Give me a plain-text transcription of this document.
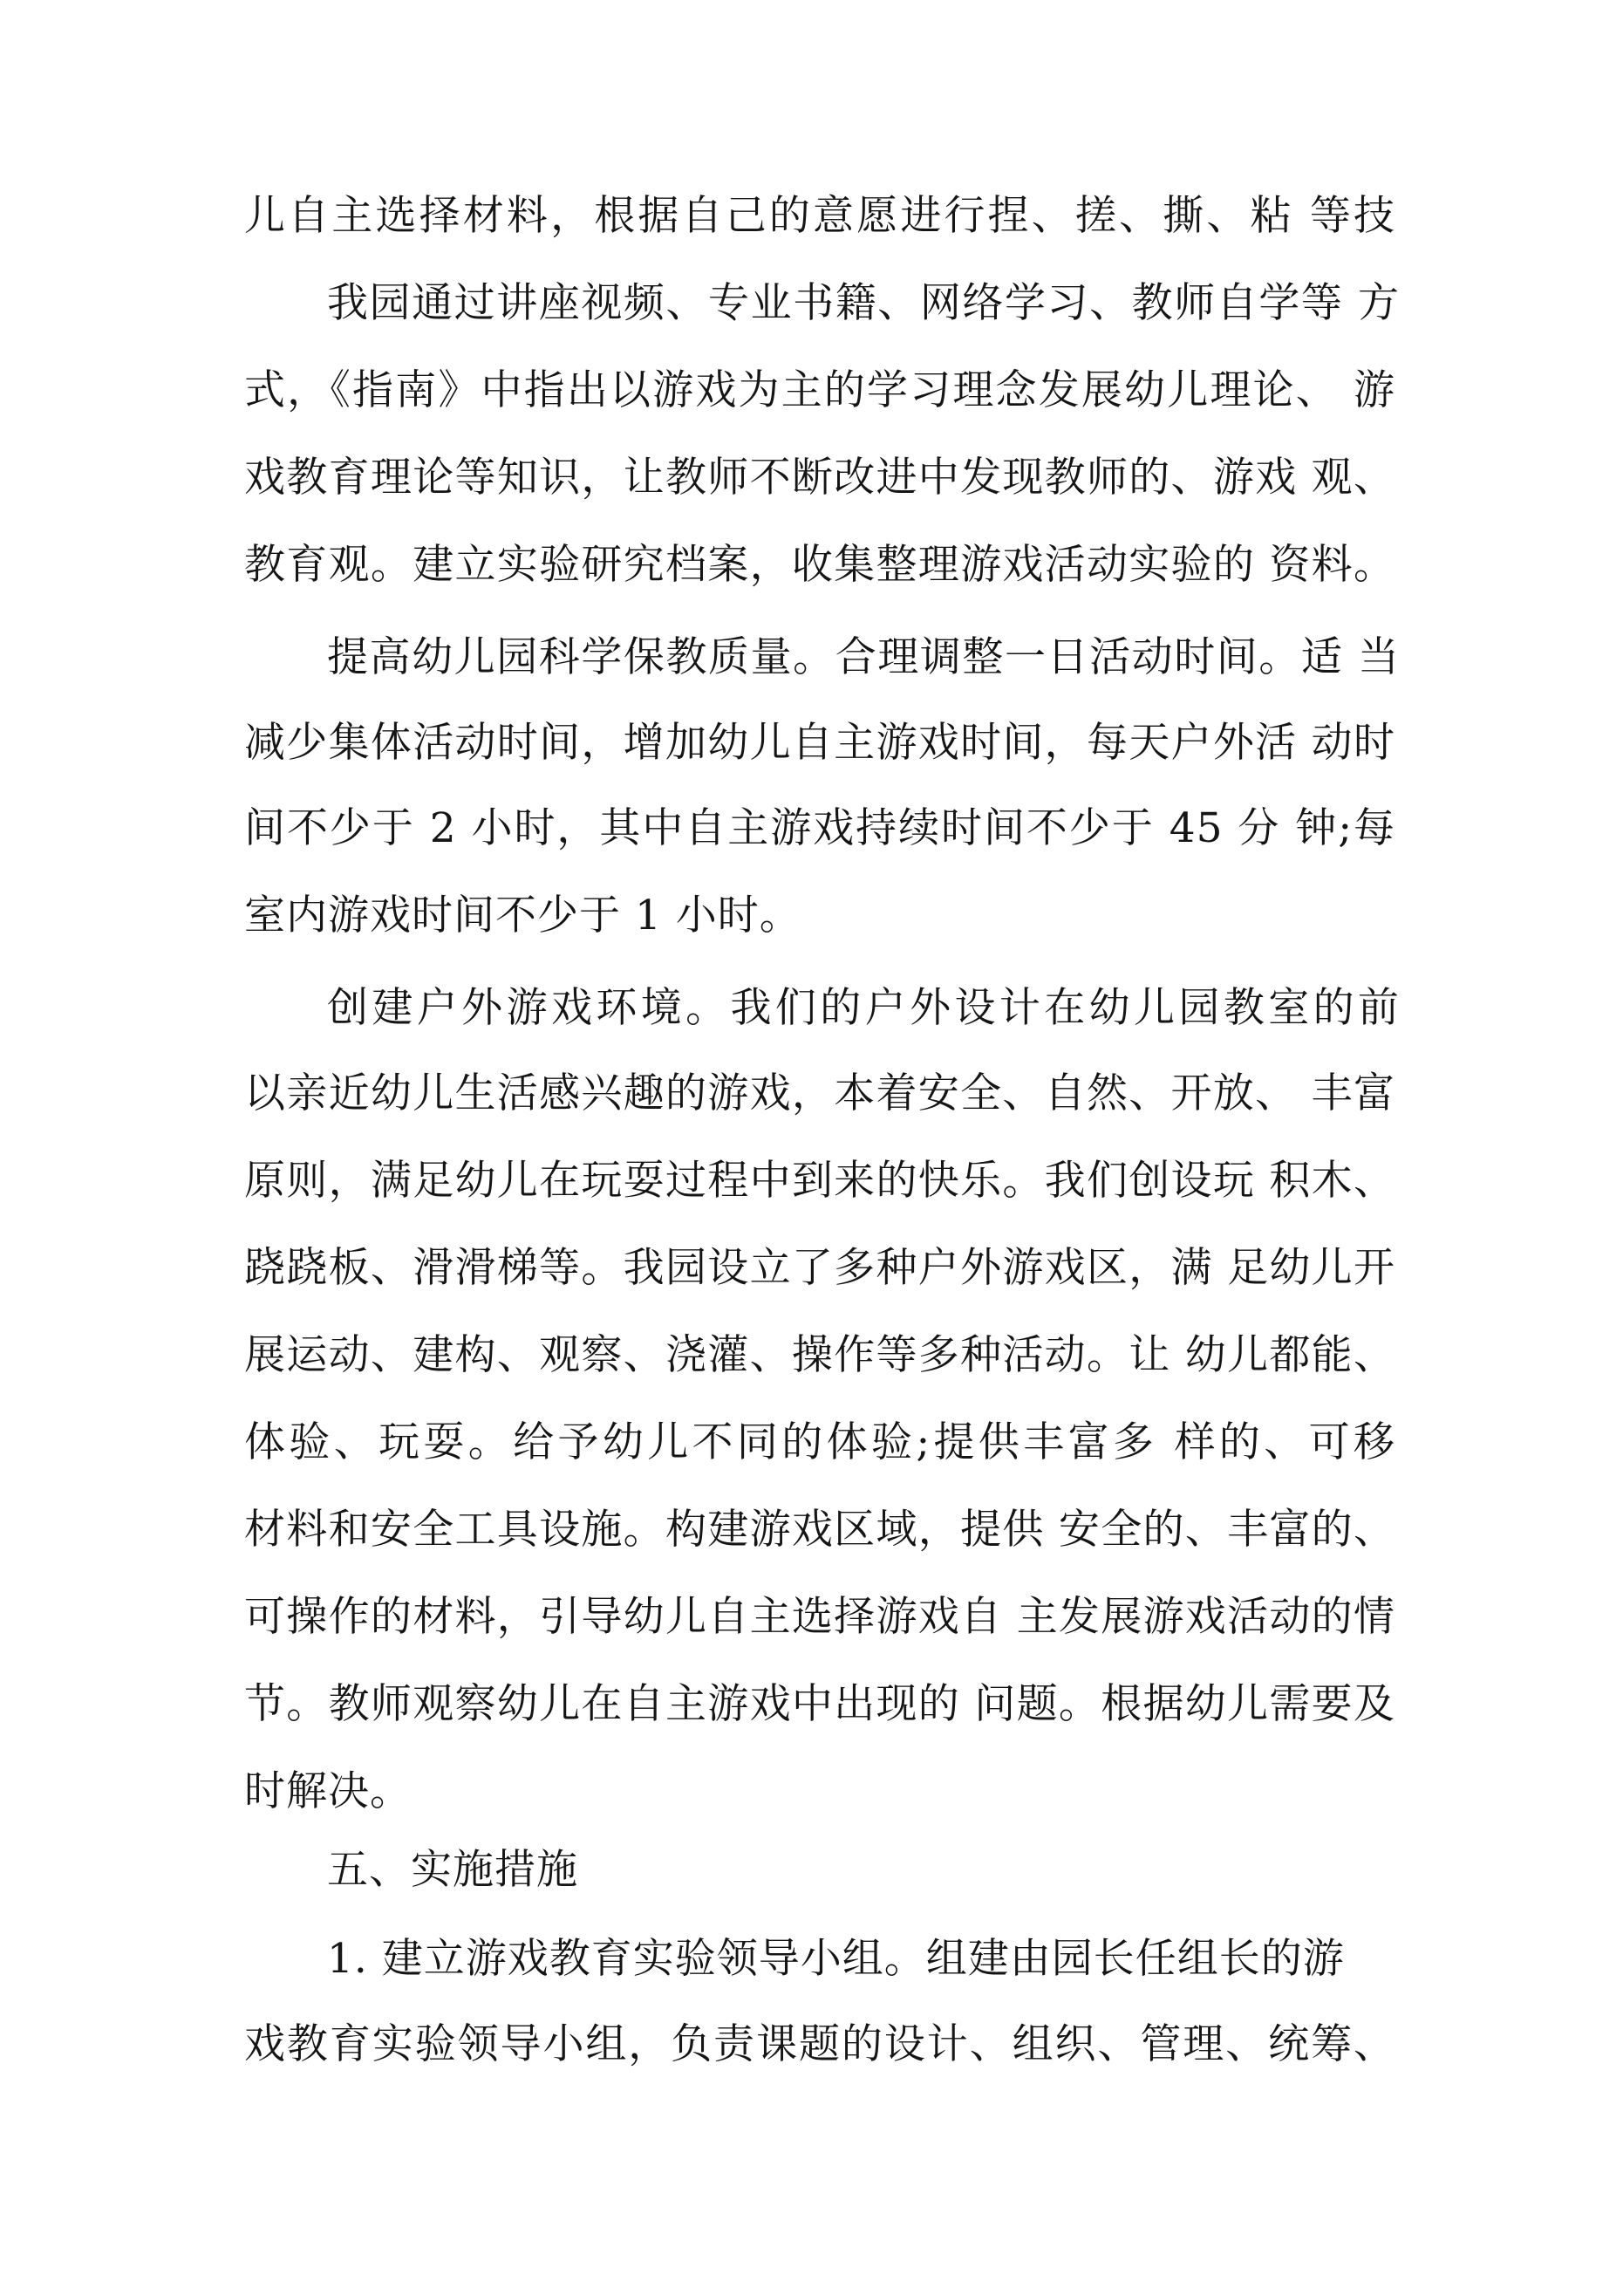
儿自主选择材料，根据自己的意愿进行捏、搓、撕、粘 等技
我园通过讲座视频、专业书籍、网络学习、教师自学等 方
式，《指南》中指出以游戏为主的学习理念发展幼儿理论、 游
戏教育理论等知识，让教师不断改进中发现教师的、游戏 观、
教育观。建立实验研究档案，收集整理游戏活动实验的 资料。
提高幼儿园科学保教质量。合理调整一日活动时间。适 当
减少集体活动时间，增加幼儿自主游戏时间，每天户外活 动时
间不少于 2 小时，其中自主游戏持续时间不少于 45 分 钟;每
室内游戏时间不少于 1 小时。
创建户外游戏环境。我们的户外设计在幼儿园教室的前
以亲近幼儿生活感兴趣的游戏，本着安全、自然、开放、 丰富
原则，满足幼儿在玩耍过程中到来的快乐。我们创设玩 积木、
跷跷板、滑滑梯等。我园设立了多种户外游戏区，满 足幼儿开
展运动、建构、观察、浇灌、操作等多种活动。让 幼儿都能、
体验、玩耍。给予幼儿不同的体验;提供丰富多 样的、可移
材料和安全工具设施。构建游戏区域，提供 安全的、丰富的、
可操作的材料，引导幼儿自主选择游戏自 主发展游戏活动的情
节。教师观察幼儿在自主游戏中出现的 问题。根据幼儿需要及
时解决。
五、实施措施
1. 建立游戏教育实验领导小组。组建由园长任组长的游
戏教育实验领导小组，负责课题的设计、组织、管理、统筹、
